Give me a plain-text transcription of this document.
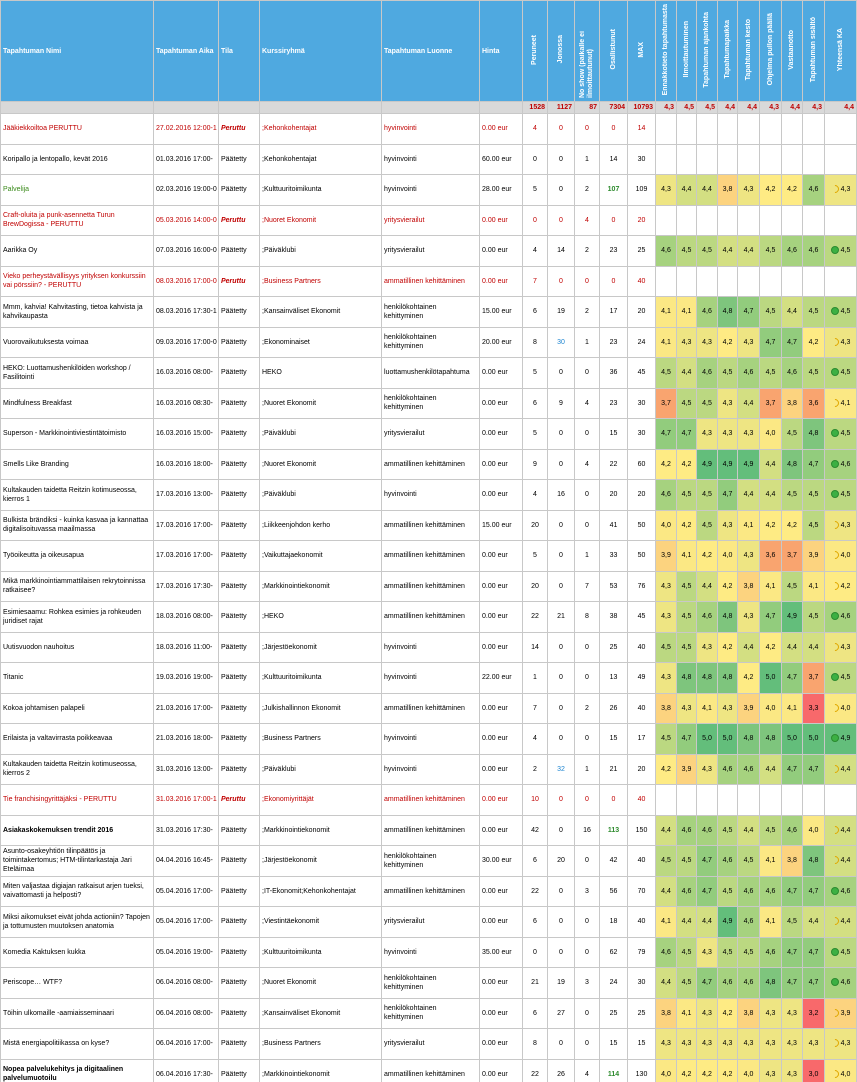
Tapahtuman Nimi	Tapahtuman Aika	Tila	Kurssiryhmä	Tapahtuman Luonne	Hinta	Peruneet	Jonossa	No show (paikalle ei ilmoittautunut)	Osallistunut	MAX	Ennakkotieto tapahtumasta	Ilmoittautuminen	Tapahtuman ajankohta	Tapahtumapaikka	Tapahtuman kesto	Ohjelma pullon päällä	Vastaanotto	Tapahtuman sisältö	Yhteensä KA
						1528	1127	87	7304	10793	4,3	4,5	4,5	4,4	4,4	4,3	4,4	4,3	4,4
Jääkiekkoiltoa PERUTTU	27.02.2016 12:00-1	Peruttu	;Kehonkohentajat	hyvinvointi	0.00 eur	4	0	0	0	14									
Koripallo ja lentopallo, kevät 2016	01.03.2016 17:00-	Päätetty	;Kehonkohentajat	hyvinvointi	60.00 eur	0	0	1	14	30									
Palvelija	02.03.2016 19:00-0	Päätetty	;Kulttuuritoimikunta	hyvinvointi	28.00 eur	5	0	2	107	109	4,3	4,4	4,4	3,8	4,3	4,2	4,2	4,6	4,3
Craft-oluita ja punk-asennetta Turun BrewDogissa - PERUTTU	05.03.2016 14:00-0	Peruttu	;Nuoret Ekonomit	yritysvierailut	0.00 eur	0	0	4	0	20									
Aarikka Oy	07.03.2016 16:00-0	Päätetty	;Päiväklubi	yritysvierailut	0.00 eur	4	14	2	23	25	4,6	4,5	4,5	4,4	4,4	4,5	4,6	4,6	4,5
Vieko perheystävällisyys yrityksen konkurssiin vai pörssiin? - PERUTTU	08.03.2016 17:00-0	Peruttu	;Business Partners	ammatillinen kehittäminen	0.00 eur	7	0	0	0	40									
Mmm, kahvia! Kahvitasting, tietoa kahvista ja kahvikaupasta	08.03.2016 17:30-1	Päätetty	;Kansainväliset Ekonomit	henkilökohtainen kehittyminen	15.00 eur	6	19	2	17	20	4,1	4,1	4,6	4,8	4,7	4,5	4,4	4,5	4,5
Vuorovaikutuksesta voimaa	09.03.2016 17:00-0	Päätetty	;Ekonominaiset	henkilökohtainen kehittyminen	20.00 eur	8	30	1	23	24	4,1	4,3	4,3	4,2	4,3	4,7	4,7	4,2	4,3
HEKO: Luottamushenkilöiden workshop / Fasilitointi	16.03.2016 08:00-	Päätetty	HEKO	luottamushenkilötapahtuma	0.00 eur	5	0	0	36	45	4,5	4,4	4,6	4,5	4,6	4,5	4,6	4,5	4,5
Mindfulness Breakfast	16.03.2016 08:30-	Päätetty	;Nuoret Ekonomit	henkilökohtainen kehittyminen	0.00 eur	6	9	4	23	30	3,7	4,5	4,5	4,3	4,4	3,7	3,8	3,6	4,1
Superson - Markkinointiviestintätoimisto	16.03.2016 15:00-	Päätetty	;Päiväklubi	yritysvierailut	0.00 eur	5	0	0	15	30	4,7	4,7	4,3	4,3	4,3	4,0	4,5	4,8	4,5
Smells Like Branding	16.03.2016 18:00-	Päätetty	;Nuoret Ekonomit	ammatillinen kehittäminen	0.00 eur	9	0	4	22	60	4,2	4,2	4,9	4,9	4,9	4,4	4,8	4,7	4,6
Kultakauden taidetta Reitzin kotimuseossa, kierros 1	17.03.2016 13:00-	Päätetty	;Päiväklubi	hyvinvointi	0.00 eur	4	16	0	20	20	4,6	4,5	4,5	4,7	4,4	4,4	4,5	4,5	4,5
Bulkista brändiksi - kuinka kasvaa ja kannattaa digitalisoituvassa maailmassa	17.03.2016 17:00-	Päätetty	;Liikkeenjohdon kerho	ammatillinen kehittäminen	15.00 eur	20	0	0	41	50	4,0	4,2	4,5	4,3	4,1	4,2	4,2	4,5	4,3
Työoikeutta ja oikeusapua	17.03.2016 17:00-	Päätetty	;Vaikuttajaekonomit	ammatillinen kehittäminen	0.00 eur	5	0	1	33	50	3,9	4,1	4,2	4,0	4,3	3,6	3,7	3,9	4,0
Mikä markkinointiammattilaisen rekrytoinnissa ratkaisee?	17.03.2016 17:30-	Päätetty	;Markkinointiekonomit	ammatillinen kehittäminen	0.00 eur	20	0	7	53	76	4,3	4,5	4,4	4,2	3,8	4,1	4,5	4,1	4,2
Esimiesaamu: Rohkea esimies ja rohkeuden juridiset rajat	18.03.2016 08:00-	Päätetty	;HEKO	ammatillinen kehittäminen	0.00 eur	22	21	8	38	45	4,3	4,5	4,6	4,8	4,3	4,7	4,9	4,5	4,6
Uutisvuodon nauhoitus	18.03.2016 11:00-	Päätetty	;Järjestöekonomit	hyvinvointi	0.00 eur	14	0	0	25	40	4,5	4,5	4,3	4,2	4,4	4,2	4,4	4,4	4,3
Titanic	19.03.2016 19:00-	Päätetty	;Kulttuuritoimikunta	hyvinvointi	22.00 eur	1	0	0	13	49	4,3	4,8	4,8	4,8	4,2	5,0	4,7	3,7	4,5
Kokoa johtamisen palapeli	21.03.2016 17:00-	Päätetty	;Julkishallinnon Ekonomit	ammatillinen kehittäminen	0.00 eur	7	0	2	26	40	3,8	4,3	4,1	4,3	3,9	4,0	4,1	3,3	4,0
Erilaista ja valtavirrasta poikkeavaa	21.03.2016 18:00-	Päätetty	;Business Partners	hyvinvointi	0.00 eur	4	0	0	15	17	4,5	4,7	5,0	5,0	4,8	4,8	5,0	5,0	4,9
Kultakauden taidetta Reitzin kotimuseossa, kierros 2	31.03.2016 13:00-	Päätetty	;Päiväklubi	hyvinvointi	0.00 eur	2	32	1	21	20	4,2	3,9	4,3	4,6	4,6	4,4	4,7	4,7	4,4
Tie franchisingyrittäjäksi - PERUTTU	31.03.2016 17:00-1	Peruttu	;Ekonomiyrittäjät	ammatillinen kehittäminen	0.00 eur	10	0	0	0	40									
Asiakaskokemuksen trendit 2016	31.03.2016 17:30-	Päätetty	;Markkinointiekonomit	ammatillinen kehittäminen	0.00 eur	42	0	16	113	150	4,4	4,6	4,6	4,5	4,4	4,5	4,6	4,0	4,4
Asunto-osakeyhtiön tilinpäätös ja toimintakertomus; HTM-tilintarkastaja Jari Eteläimaa	04.04.2016 16:45-	Päätetty	;Järjestöekonomit	henkilökohtainen kehittyminen	30.00 eur	6	20	0	42	40	4,5	4,5	4,7	4,6	4,5	4,1	3,8	4,8	4,4
Miten valjastaa digiajan ratkaisut arjen tueksi, vaivattomasti ja helposti?	05.04.2016 17:00-	Päätetty	;IT-Ekonomit;Kehonkohentajat	ammatillinen kehittäminen	0.00 eur	22	0	3	56	70	4,4	4,6	4,7	4,5	4,6	4,6	4,7	4,7	4,6
Miksi aikomukset eivät johda actioniin? Tapojen ja tottumusten muutoksen anatomia	05.04.2016 17:00-	Päätetty	;Viestintäekonomit	yritysvierailut	0.00 eur	6	0	0	18	40	4,1	4,4	4,4	4,9	4,6	4,1	4,5	4,4	4,4
Komedia Kaktuksen kukka	05.04.2016 19:00-	Päätetty	;Kulttuuritoimikunta	hyvinvointi	35.00 eur	0	0	0	62	79	4,6	4,5	4,3	4,5	4,5	4,6	4,7	4,7	4,5
Periscope… WTF?	06.04.2016 08:00-	Päätetty	;Nuoret Ekonomit	henkilökohtainen kehittyminen	0.00 eur	21	19	3	24	30	4,4	4,5	4,7	4,6	4,6	4,8	4,7	4,7	4,6
Töihin ulkomaille -aamiaisseminaari	06.04.2016 08:00-	Päätetty	;Kansainväliset Ekonomit	henkilökohtainen kehittyminen	0.00 eur	6	27	0	25	25	3,8	4,1	4,3	4,2	3,8	4,3	4,3	3,2	3,9
Mistä energiapolitiikassa on kyse?	06.04.2016 17:00-	Päätetty	;Business Partners	yritysvierailut	0.00 eur	8	0	0	15	15	4,3	4,3	4,3	4,3	4,3	4,3	4,3	4,3	4,3
Nopea palvelukehitys ja digitaalinen palvelumuotoilu	06.04.2016 17:30-	Päätetty	;Markkinointiekonomit	ammatillinen kehittäminen	0.00 eur	22	26	4	114	130	4,0	4,2	4,2	4,2	4,0	4,3	4,3	3,0	4,0
